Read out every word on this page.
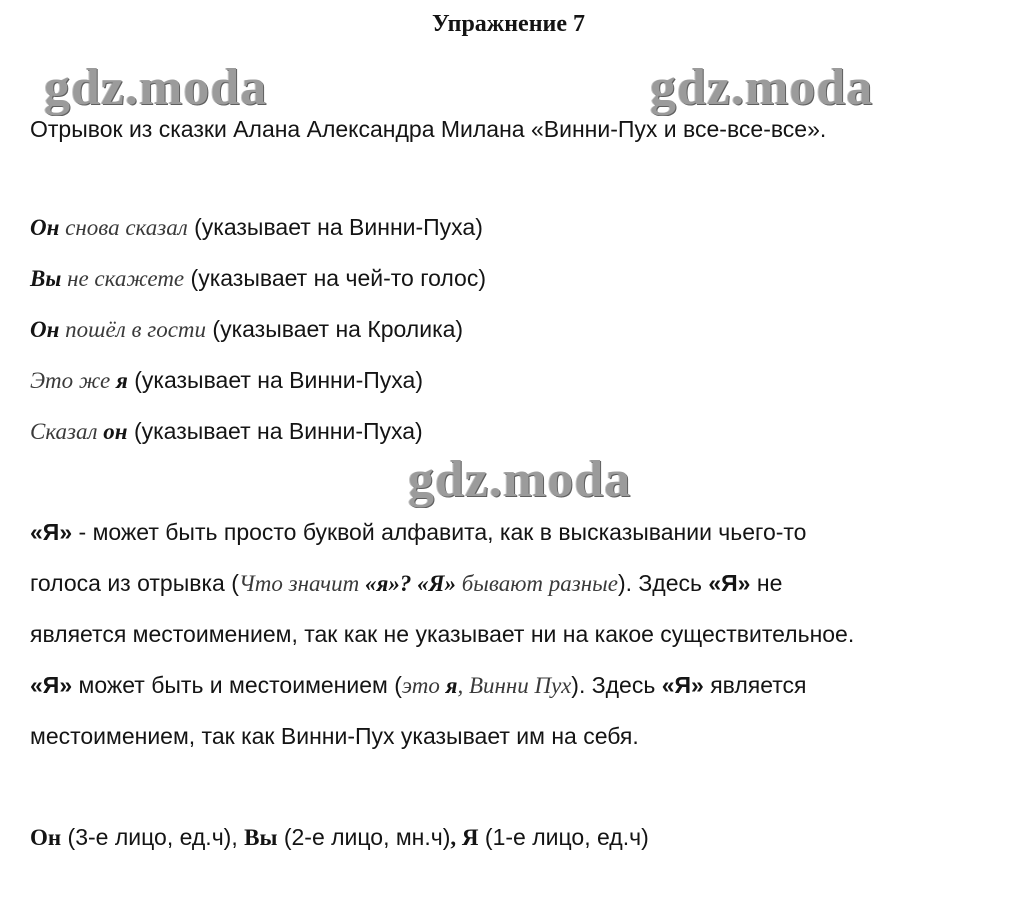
Упражнение 7
gdz.moda	gdz.moda
gdz.moda
Отрывок из сказки Алана Александра Милана «Винни-Пух и все-все-все».
Он снова сказал (указывает на Винни-Пуха)
Вы не скажете (указывает на чей-то голос)
Он пошёл в гости (указывает на Кролика)
Это же я (указывает на Винни-Пуха)
Сказал он (указывает на Винни-Пуха)
«Я» - может быть просто буквой алфавита, как в высказывании чьего-то
голоса из отрывка (Что значит «я»? «Я» бывают разные). Здесь «Я» не
является местоимением, так как не указывает ни на какое существительное.
«Я» может быть и местоимением (это я, Винни Пух). Здесь «Я» является
местоимением, так как Винни-Пух указывает им на себя.
Он (3-е лицо, ед.ч), Вы (2-е лицо, мн.ч), Я (1-е лицо, ед.ч)
